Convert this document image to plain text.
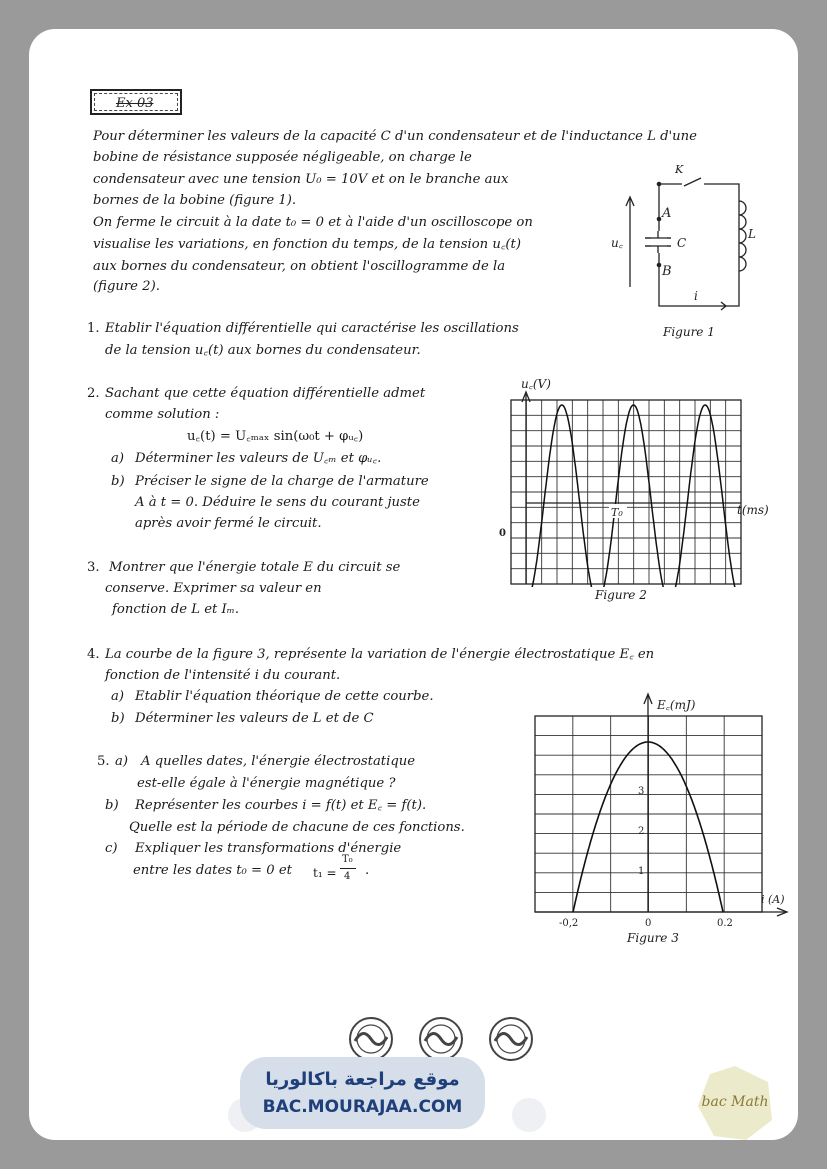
Ex 03
Pour déterminer les valeurs de la capacité C d'un condensateur et de l'inductance L d'une
bobine de résistance supposée négligeable, on charge le
condensateur avec une tension U₀ = 10V et on le branche aux
bornes de la bobine (figure 1).
On ferme le circuit à la date t₀ = 0 et à l'aide d'un oscilloscope on
visualise les variations, en fonction du temps, de la tension u꜀(t)
aux bornes du condensateur, on obtient l'oscillogramme de la
(figure 2).
K
A
B
C
L
u꜀
i
Figure 1
1. Etablir l'équation différentielle qui caractérise les oscillations
de la tension u꜀(t) aux bornes du condensateur.
2. Sachant que cette équation différentielle admet
comme solution :
u꜀(t) = U꜀ₘₐₓ sin(ω₀t + φᵤ꜀)
a) Déterminer les valeurs de U꜀ₘ et φᵤ꜀.
b) Préciser le signe de la charge de l'armature
A à t = 0. Déduire le sens du courant juste
après avoir fermé le circuit.
u꜀(V)
t(ms)
0
T₀
Figure 2
3. Montrer que l'énergie totale E du circuit se
conserve. Exprimer sa valeur en
fonction de L et Iₘ.
4. La courbe de la figure 3, représente la variation de l'énergie électrostatique E꜀ en
fonction de l'intensité i du courant.
a) Etablir l'équation théorique de cette courbe.
b) Déterminer les valeurs de L et de C
5. a) A quelles dates, l'énergie électrostatique
est-elle égale à l'énergie magnétique ?
b) Représenter les courbes i = f(t) et E꜀ = f(t).
Quelle est la période de chacune de ces fonctions.
c) Expliquer les transformations d'énergie
entre les dates t₀ = 0 et t₁ =
T₀
4 .
E꜀(mJ)
i (A)
-0,2	0	0.2
1
2
3
Figure 3
bac Math
موقع مراجعة باكالوريا
BAC.MOURAJAA.COM
